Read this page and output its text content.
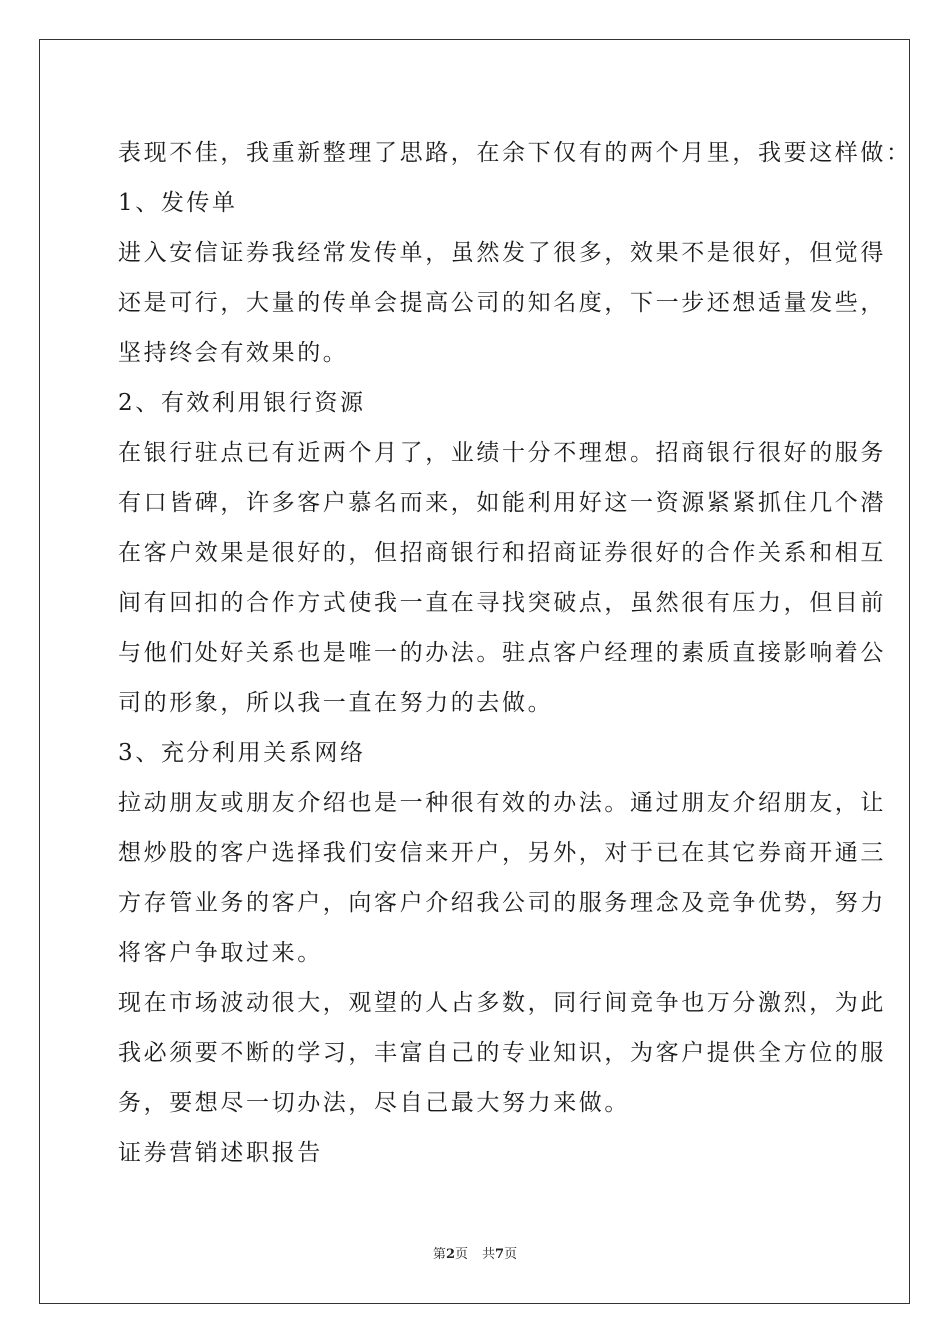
表现不佳，我重新整理了思路，在余下仅有的两个月里，我要这样做：
1、发传单
进入安信证券我经常发传单，虽然发了很多，效果不是很好，但觉得
还是可行，大量的传单会提高公司的知名度，下一步还想适量发些，
坚持终会有效果的。
2、有效利用银行资源
在银行驻点已有近两个月了，业绩十分不理想。招商银行很好的服务
有口皆碑，许多客户慕名而来，如能利用好这一资源紧紧抓住几个潜
在客户效果是很好的，但招商银行和招商证券很好的合作关系和相互
间有回扣的合作方式使我一直在寻找突破点，虽然很有压力，但目前
与他们处好关系也是唯一的办法。驻点客户经理的素质直接影响着公
司的形象，所以我一直在努力的去做。
3、充分利用关系网络
拉动朋友或朋友介绍也是一种很有效的办法。通过朋友介绍朋友，让
想炒股的客户选择我们安信来开户，另外，对于已在其它券商开通三
方存管业务的客户，向客户介绍我公司的服务理念及竞争优势，努力
将客户争取过来。
现在市场波动很大，观望的人占多数，同行间竞争也万分激烈，为此
我必须要不断的学习，丰富自己的专业知识，为客户提供全方位的服
务，要想尽一切办法，尽自己最大努力来做。
证券营销述职报告
第2页 共7页
